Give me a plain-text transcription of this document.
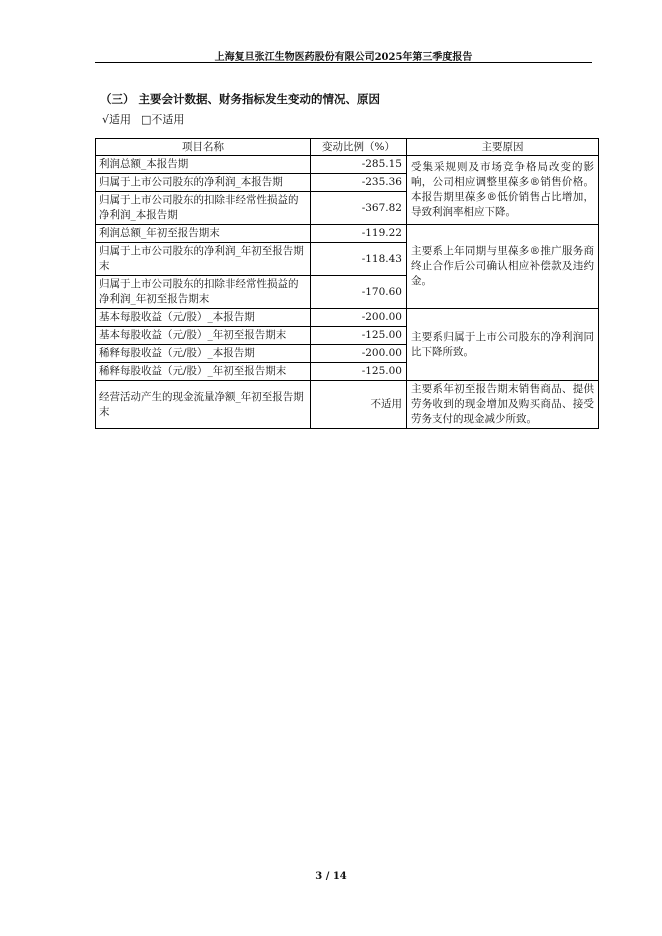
上海复旦张江生物医药股份有限公司2025年第三季度报告
（三） 主要会计数据、财务指标发生变动的情况、原因
√ 适用 □ 不适用
项目名称	变动比例（%）	主要原因
利润总额_本报告期	-285.15	受集采规则及市场竞争格局改变的影响，公司相应调整里葆多®销售价格。本报告期里葆多®低价销售占比增加，导致利润率相应下降。
归属于上市公司股东的净利润_本报告期	-235.36	
归属于上市公司股东的扣除非经常性损益的净利润_本报告期	-367.82	
利润总额_年初至报告期末	-119.22	主要系上年同期与里葆多®推广服务商终止合作后公司确认相应补偿款及违约金。
归属于上市公司股东的净利润_年初至报告期末	-118.43	
归属于上市公司股东的扣除非经常性损益的净利润_年初至报告期末	-170.60	
基本每股收益（元/股）_本报告期	-200.00	主要系归属于上市公司股东的净利润同比下降所致。
基本每股收益（元/股）_年初至报告期末	-125.00	
稀释每股收益（元/股）_本报告期	-200.00	
稀释每股收益（元/股）_年初至报告期末	-125.00	
经营活动产生的现金流量净额_年初至报告期末	不适用	主要系年初至报告期末销售商品、提供劳务收到的现金增加及购买商品、接受劳务支付的现金减少所致。
3 / 14
